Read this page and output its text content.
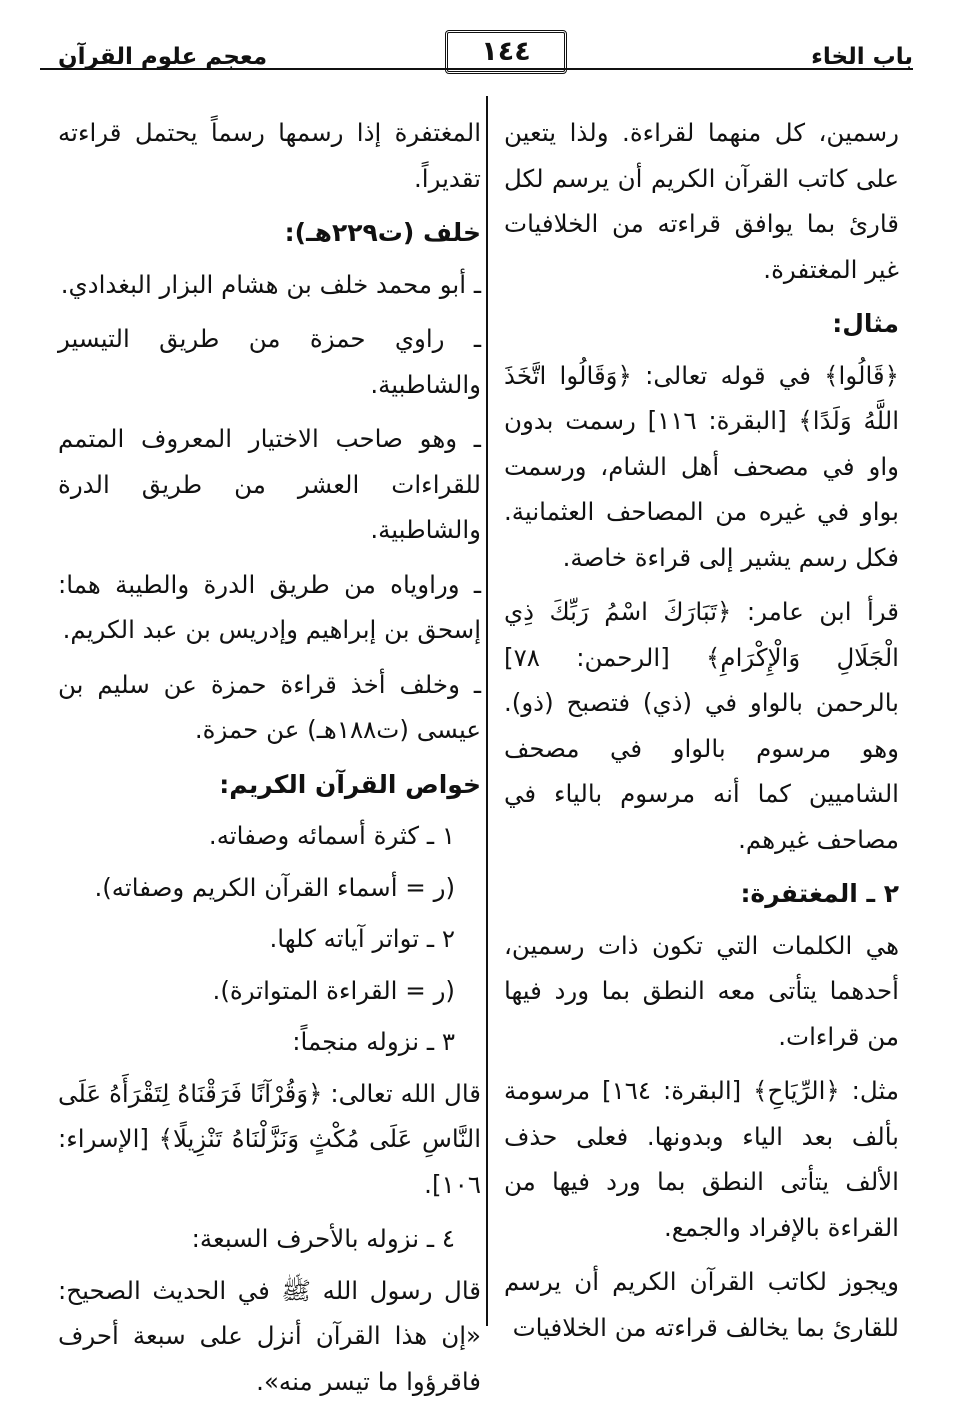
باب الخاء
١٤٤
معجم علوم القرآن

رسمين، كل منهما لقراءة. ولذا يتعين على كاتب القرآن الكريم أن يرسم لكل قارئ بما يوافق قراءته من الخلافيات غير المغتفرة.

مثال:

﴿قَالُوا﴾ في قوله تعالى: ﴿وَقَالُوا اتَّخَذَ اللَّهُ وَلَدًا﴾ [البقرة: ١١٦] رسمت بدون واو في مصحف أهل الشام، ورسمت بواو في غيره من المصاحف العثمانية. فكل رسم يشير إلى قراءة خاصة.

قرأ ابن عامر: ﴿تَبَارَكَ اسْمُ رَبِّكَ ذِي الْجَلَالِ وَالْإِكْرَامِ﴾ [الرحمن: ٧٨] بالرحمن بالواو في (ذي) فتصبح (ذو). وهو مرسوم بالواو في مصحف الشاميين كما أنه مرسوم بالياء في مصاحف غيرهم.

٢ ـ المغتفرة:

هي الكلمات التي تكون ذات رسمين، أحدهما يتأتى معه النطق بما ورد فيها من قراءات.

مثل: ﴿الرِّيَاحِ﴾ [البقرة: ١٦٤] مرسومة بألف بعد الياء وبدونها. فعلى حذف الألف يتأتى النطق بما ورد فيها من القراءة بالإفراد والجمع.

ويجوز لكاتب القرآن الكريم أن يرسم للقارئ بما يخالف قراءته من الخلافيات

المغتفرة إذا رسمها رسماً يحتمل قراءته تقديراً.

خلف (ت٢٢٩هـ):

ـ أبو محمد خلف بن هشام البزار البغدادي.

ـ راوي حمزة من طريق التيسير والشاطبية.

ـ وهو صاحب الاختيار المعروف المتمم للقراءات العشر من طريق الدرة والشاطبية.

ـ وراوياه من طريق الدرة والطيبة هما: إسحق بن إبراهيم وإدريس بن عبد الكريم.

ـ وخلف أخذ قراءة حمزة عن سليم بن عيسى (ت١٨٨هـ) عن حمزة.

خواص القرآن الكريم:

١ ـ كثرة أسمائه وصفاته.

(ر = أسماء القرآن الكريم وصفاته).

٢ ـ تواتر آياته كلها.

(ر = القراءة المتواترة).

٣ ـ نزوله منجماً:

قال الله تعالى: ﴿وَقُرْآنًا فَرَقْنَاهُ لِتَقْرَأَهُ عَلَى النَّاسِ عَلَى مُكْثٍ وَنَزَّلْنَاهُ تَنْزِيلًا﴾ [الإسراء: ١٠٦].

٤ ـ نزوله بالأحرف السبعة:

قال رسول الله ﷺ في الحديث الصحيح: «إن هذا القرآن أنزل على سبعة أحرف فاقرؤوا ما تيسر منه».
